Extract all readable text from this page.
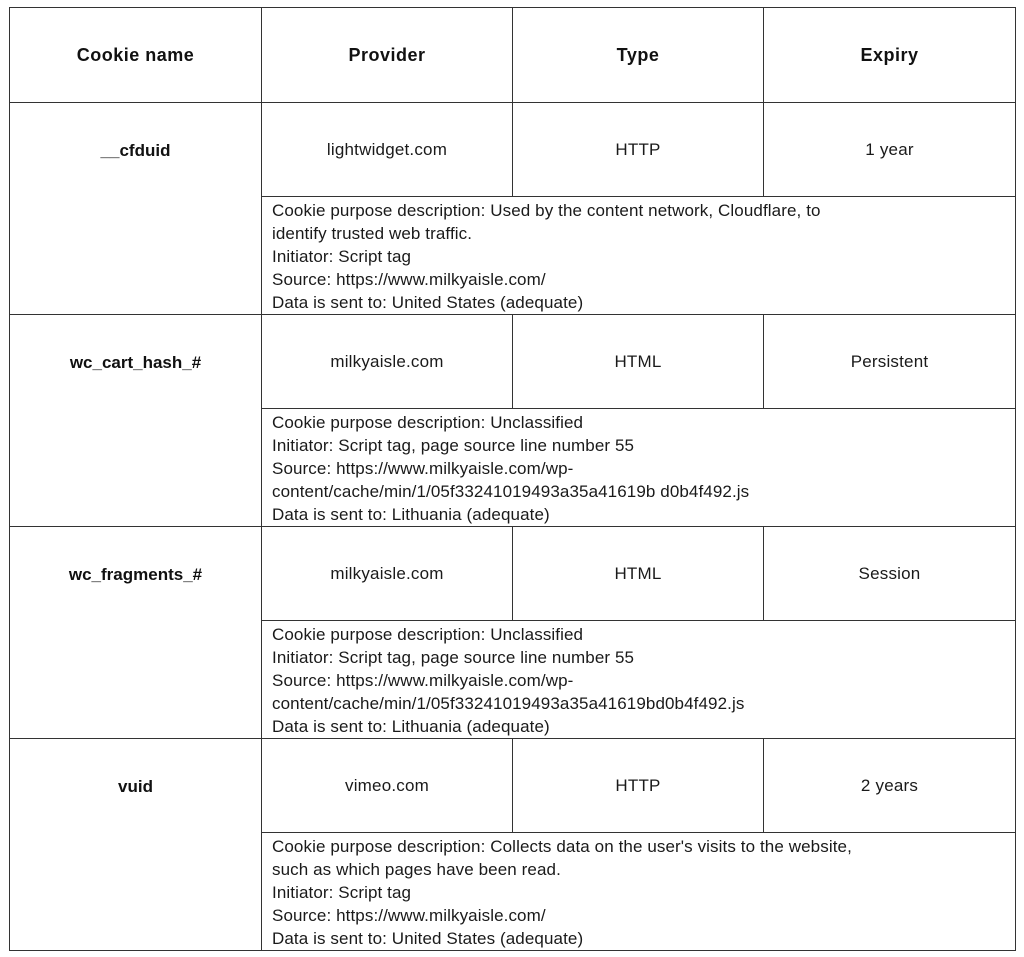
Cookie name	Provider	Type	Expiry
__cfduid	lightwidget.com	HTTP	1 year

	Cookie purpose description: Used by the content network, Cloudflare, to
identify trusted web traffic.
Initiator: Script tag
Source: https://www.milkyaisle.com/
Data is sent to: United States (adequate)		

wc_cart_hash_#	milkyaisle.com	HTML	Persistent

	Cookie purpose description: Unclassified
Initiator: Script tag, page source line number 55
Source: https://www.milkyaisle.com/wp-
content/cache/min/1/05f33241019493a35a41619b d0b4f492.js
Data is sent to: Lithuania (adequate)		

wc_fragments_#	milkyaisle.com	HTML	Session

	Cookie purpose description: Unclassified
Initiator: Script tag, page source line number 55
Source: https://www.milkyaisle.com/wp-
content/cache/min/1/05f33241019493a35a41619bd0b4f492.js
Data is sent to: Lithuania (adequate)		

vuid	vimeo.com	HTTP	2 years

	Cookie purpose description: Collects data on the user's visits to the website,
such as which pages have been read.
Initiator: Script tag
Source: https://www.milkyaisle.com/
Data is sent to: United States (adequate)		
